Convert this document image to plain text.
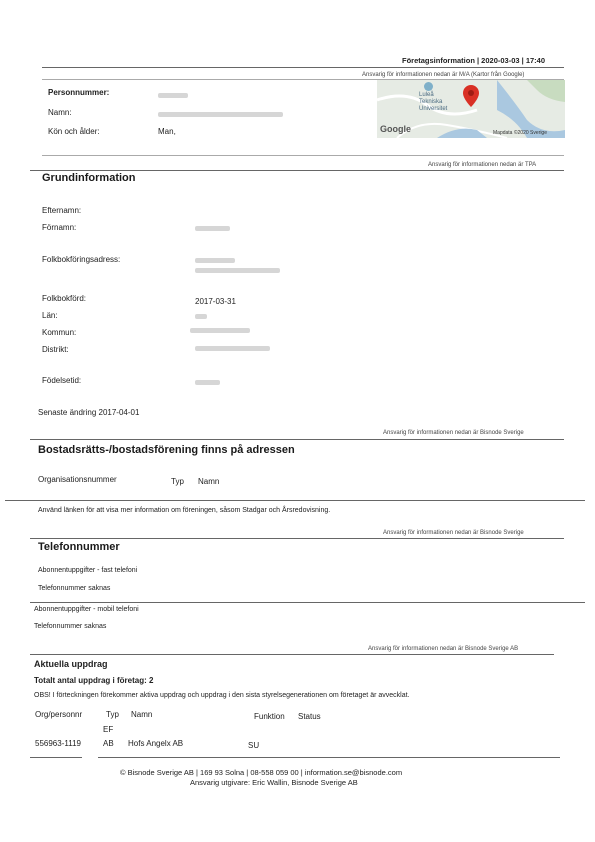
Företagsinformation | 2020-03-03 | 17:40
Ansvarig för informationen nedan är M/A (Kartor från Google)
Luleå
Tekniska
Universitet
Google	Mapdata ©2020 Sverige
Personnummer:
Namn:
Kön och ålder:	Man,
Ansvarig för informationen nedan är TPA
Grundinformation
Efternamn:
Förnamn:
Folkbokföringsadress:
Folkbokförd:	2017-03-31
Län:
Kommun:
Distrikt:
Födelsetid:
Senaste ändring 2017-04-01
Ansvarig för informationen nedan är Bisnode Sverige
Bostadsrätts-/bostadsförening finns på adressen
Organisationsnummer	Typ Namn
Använd länken för att visa mer information om föreningen, såsom Stadgar och Årsredovisning.
Ansvarig för informationen nedan är Bisnode Sverige
Telefonnummer
Abonnentuppgifter - fast telefoni
Telefonnummer saknas
Abonnentuppgifter - mobil telefoni
Telefonnummer saknas
Ansvarig för informationen nedan är Bisnode Sverige AB
Aktuella uppdrag
Totalt antal uppdrag i företag: 2
OBS! I förteckningen förekommer aktiva uppdrag och uppdrag i den sista styrelsegenerationen om företaget är avvecklat.
Org/personnr	Typ Namn	Funktion Status
EF
556963-1119	AB Hofs Angelx AB	SU
© Bisnode Sverige AB | 169 93 Solna | 08-558 059 00 | information.se@bisnode.com
Ansvarig utgivare: Eric Wallin, Bisnode Sverige AB
